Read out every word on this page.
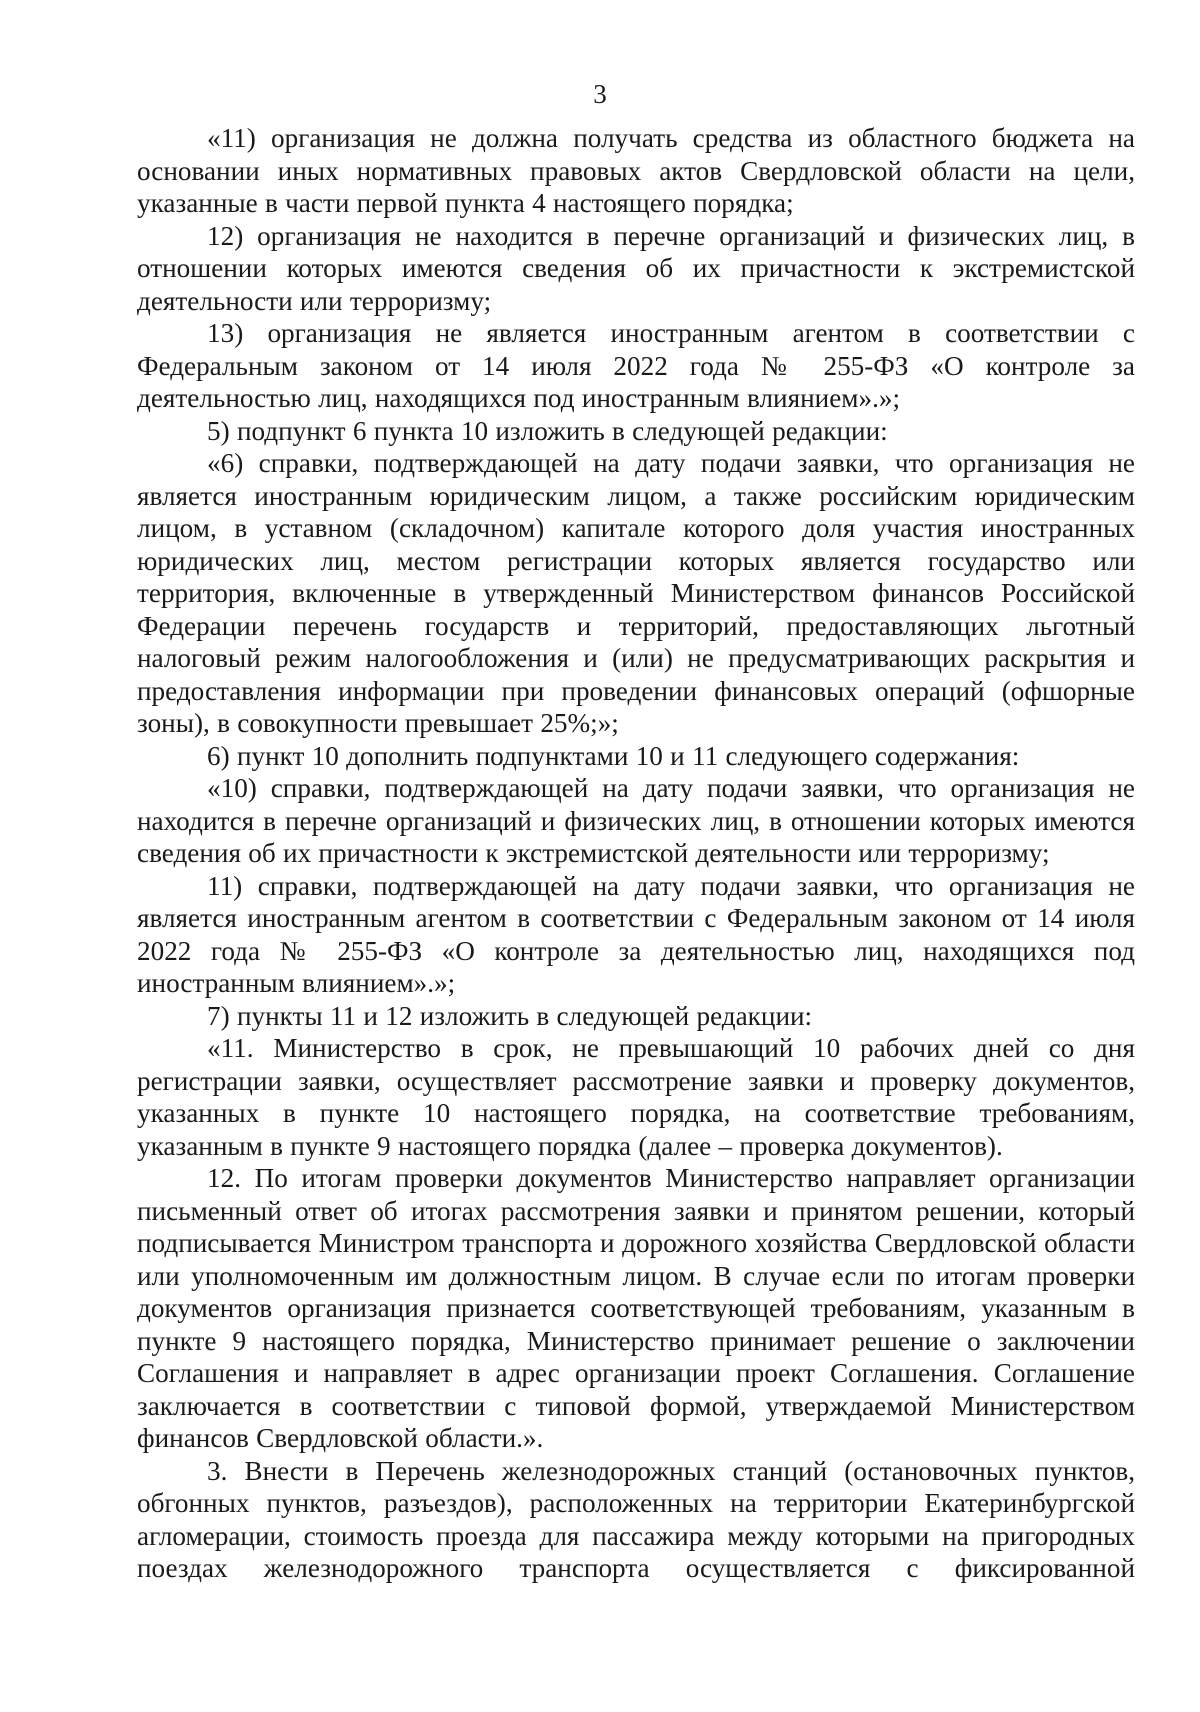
3

«11) организация не должна получать средства из областного бюджета на основании иных нормативных правовых актов Свердловской области на цели, указанные в части первой пункта 4 настоящего порядка;

12) организация не находится в перечне организаций и физических лиц, в отношении которых имеются сведения об их причастности к экстремистской деятельности или терроризму;

13) организация не является иностранным агентом в соответствии с Федеральным законом от 14 июля 2022 года № 255-ФЗ «О контроле за деятельностью лиц, находящихся под иностранным влиянием».»;

5) подпункт 6 пункта 10 изложить в следующей редакции:

«6) справки, подтверждающей на дату подачи заявки, что организация не является иностранным юридическим лицом, а также российским юридическим лицом, в уставном (складочном) капитале которого доля участия иностранных юридических лиц, местом регистрации которых является государство или территория, включенные в утвержденный Министерством финансов Российской Федерации перечень государств и территорий, предоставляющих льготный налоговый режим налогообложения и (или) не предусматривающих раскрытия и предоставления информации при проведении финансовых операций (офшорные зоны), в совокупности превышает 25%;»;

6) пункт 10 дополнить подпунктами 10 и 11 следующего содержания:

«10) справки, подтверждающей на дату подачи заявки, что организация не находится в перечне организаций и физических лиц, в отношении которых имеются сведения об их причастности к экстремистской деятельности или терроризму;

11) справки, подтверждающей на дату подачи заявки, что организация не является иностранным агентом в соответствии с Федеральным законом от 14 июля 2022 года № 255-ФЗ «О контроле за деятельностью лиц, находящихся под иностранным влиянием».»;

7) пункты 11 и 12 изложить в следующей редакции:

«11. Министерство в срок, не превышающий 10 рабочих дней со дня регистрации заявки, осуществляет рассмотрение заявки и проверку документов, указанных в пункте 10 настоящего порядка, на соответствие требованиям, указанным в пункте 9 настоящего порядка (далее – проверка документов).

12. По итогам проверки документов Министерство направляет организации письменный ответ об итогах рассмотрения заявки и принятом решении, который подписывается Министром транспорта и дорожного хозяйства Свердловской области или уполномоченным им должностным лицом. В случае если по итогам проверки документов организация признается соответствующей требованиям, указанным в пункте 9 настоящего порядка, Министерство принимает решение о заключении Соглашения и направляет в адрес организации проект Соглашения. Соглашение заключается в соответствии с типовой формой, утверждаемой Министерством финансов Свердловской области.».

3. Внести в Перечень железнодорожных станций (остановочных пунктов, обгонных пунктов, разъездов), расположенных на территории Екатеринбургской агломерации, стоимость проезда для пассажира между которыми на пригородных поездах железнодорожного транспорта осуществляется с фиксированной
